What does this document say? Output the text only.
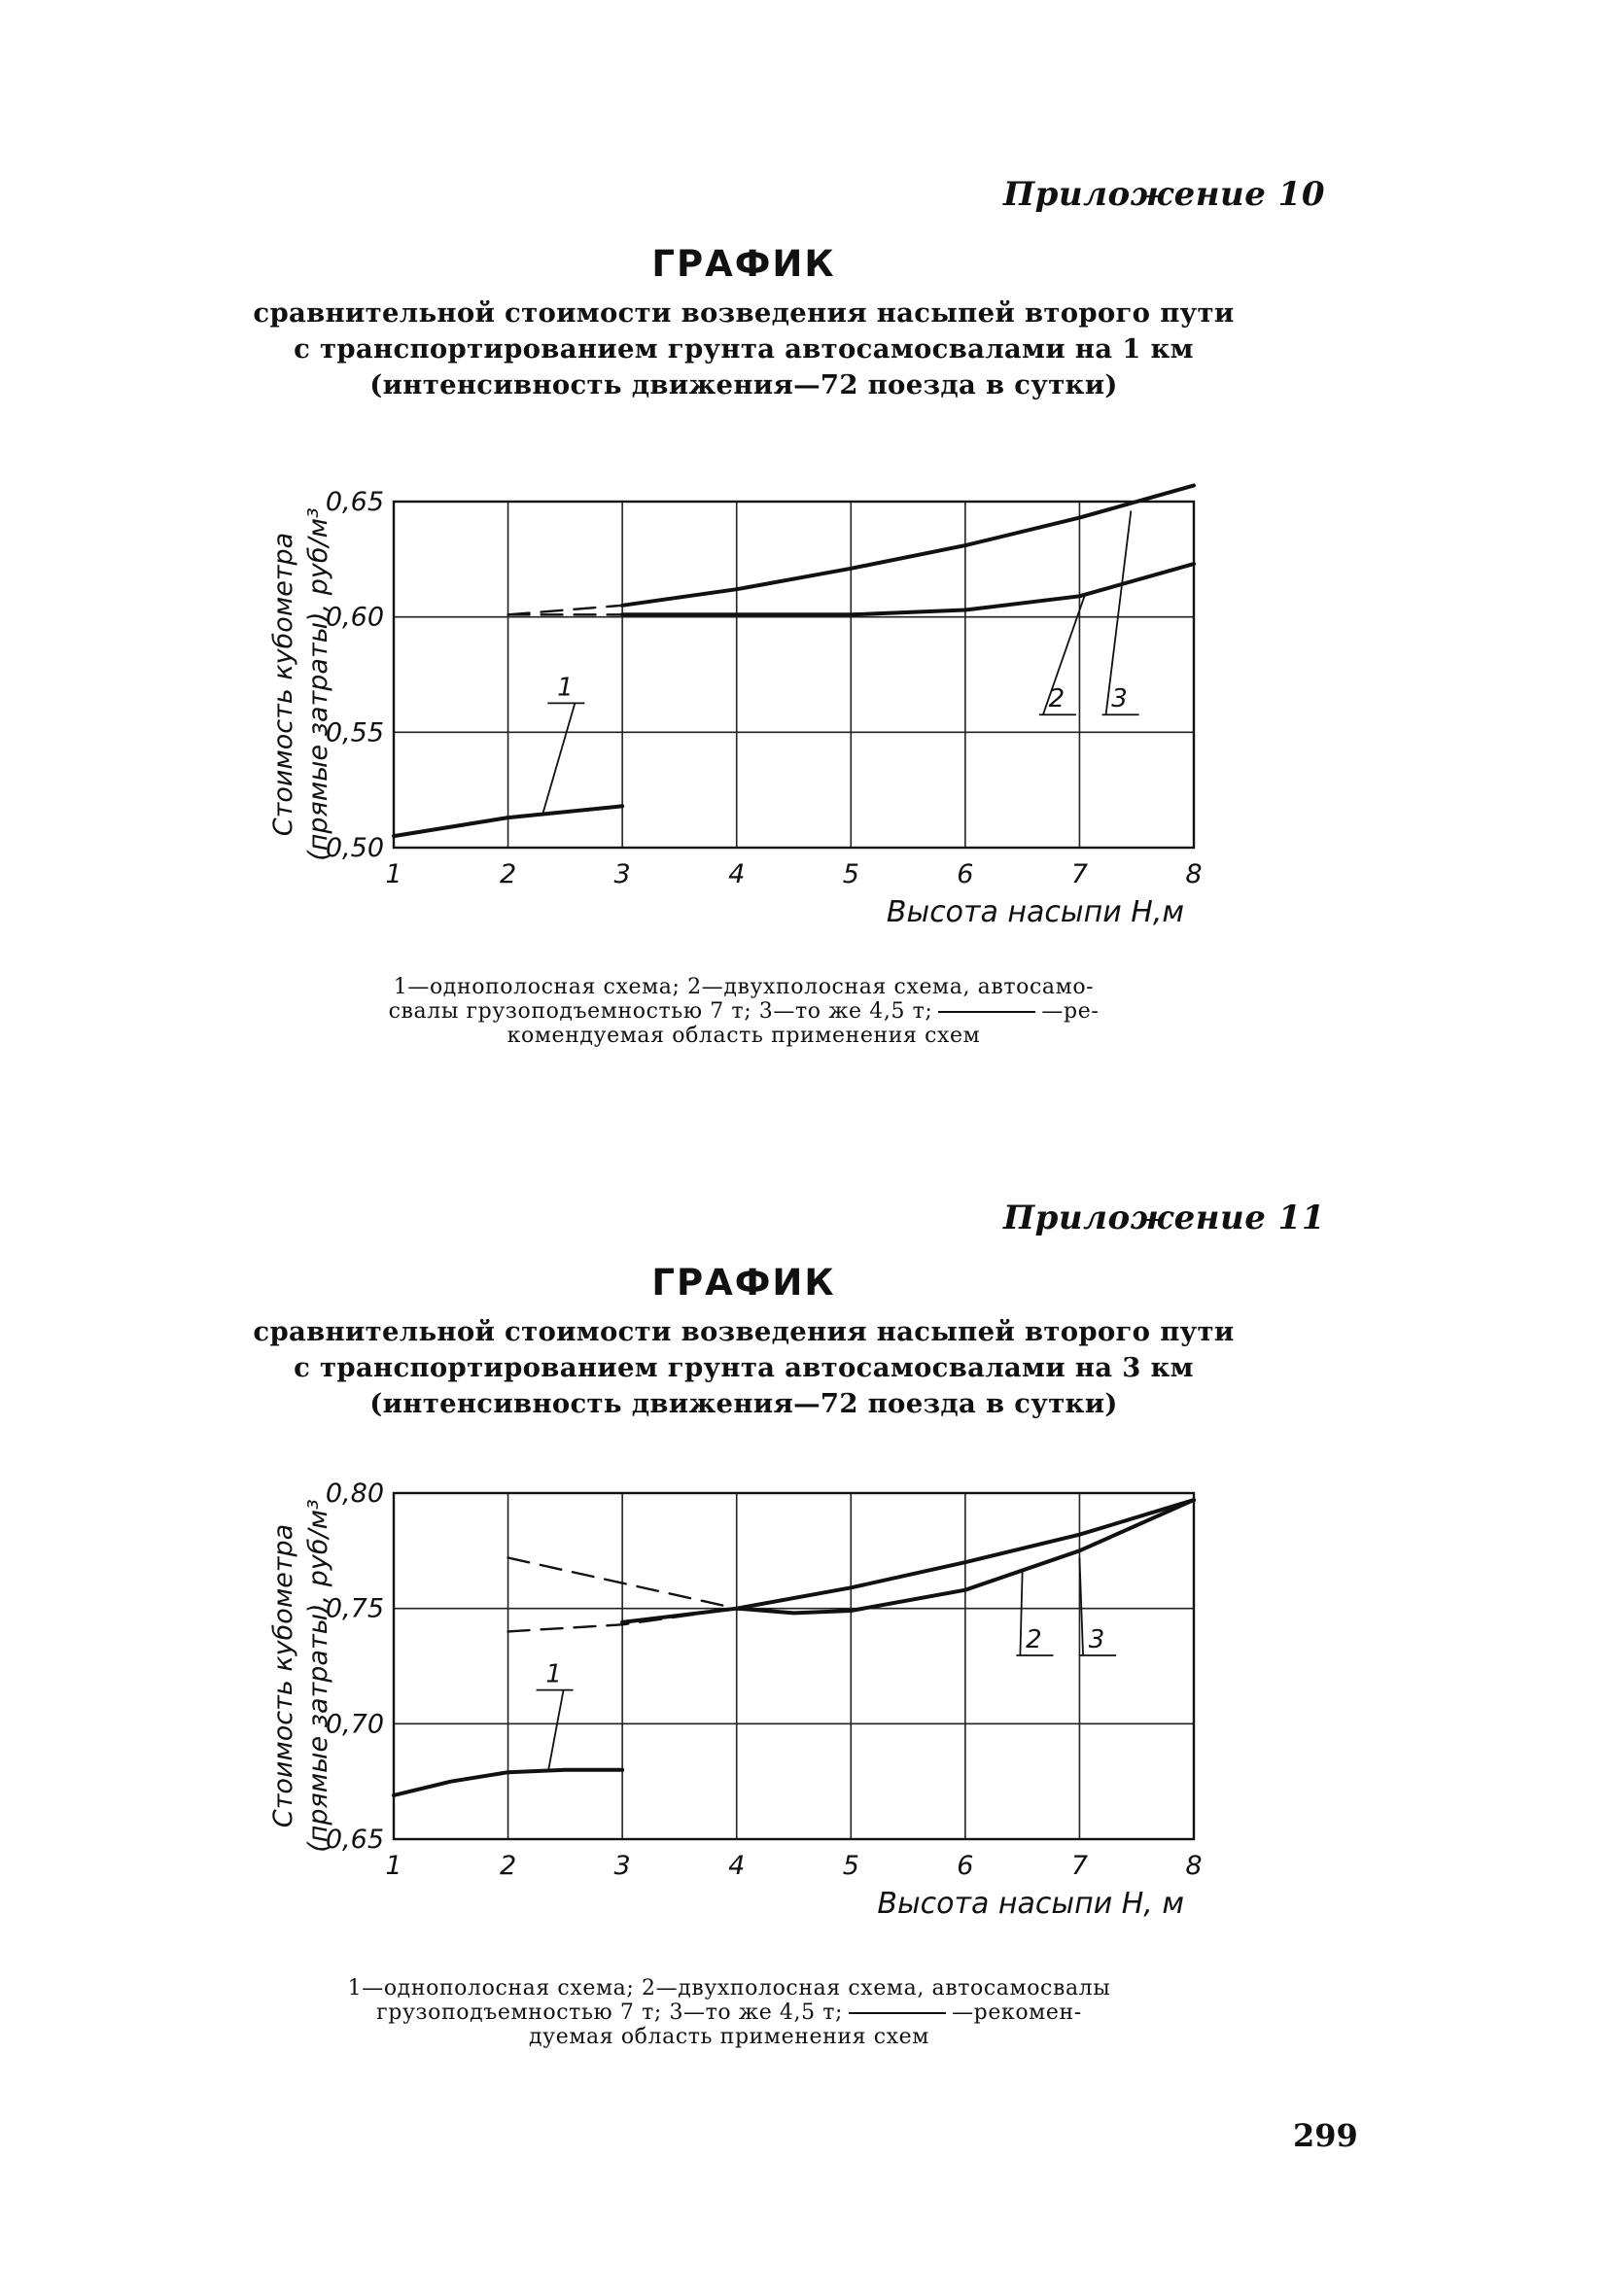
Приложение 10
ГРАФИК
сравнительной стоимости возведения насыпей второго пути
с транспортированием грунта автосамосвалами на 1 км
(интенсивность движения—72 поезда в сутки)
1	2	3	4	5	6	7	8
0,50
0,55
0,60
0,65
Высота насыпи Н,м
Стоимость кубометра (прямые затраты), руб/м³	1	2 3
1—однополосная схема; 2—двухполосная схема, автосамо-
свалы грузоподъемностью 7 т; 3—то же 4,5 т;	—ре-
комендуемая область применения схем
Приложение 11
ГРАФИК
сравнительной стоимости возведения насыпей второго пути
с транспортированием грунта автосамосвалами на 3 км
(интенсивность движения—72 поезда в сутки)
1	2	3	4	5	6	7	8
0,65
0,70
0,75
0,80
Высота насыпи Н, м
Стоимость кубометра (прямые затраты), руб/м³	1
2 3
1—однополосная схема; 2—двухполосная схема, автосамосвалы
грузоподъемностью 7 т; 3—то же 4,5 т;	—рекомен-
дуемая область применения схем
299
